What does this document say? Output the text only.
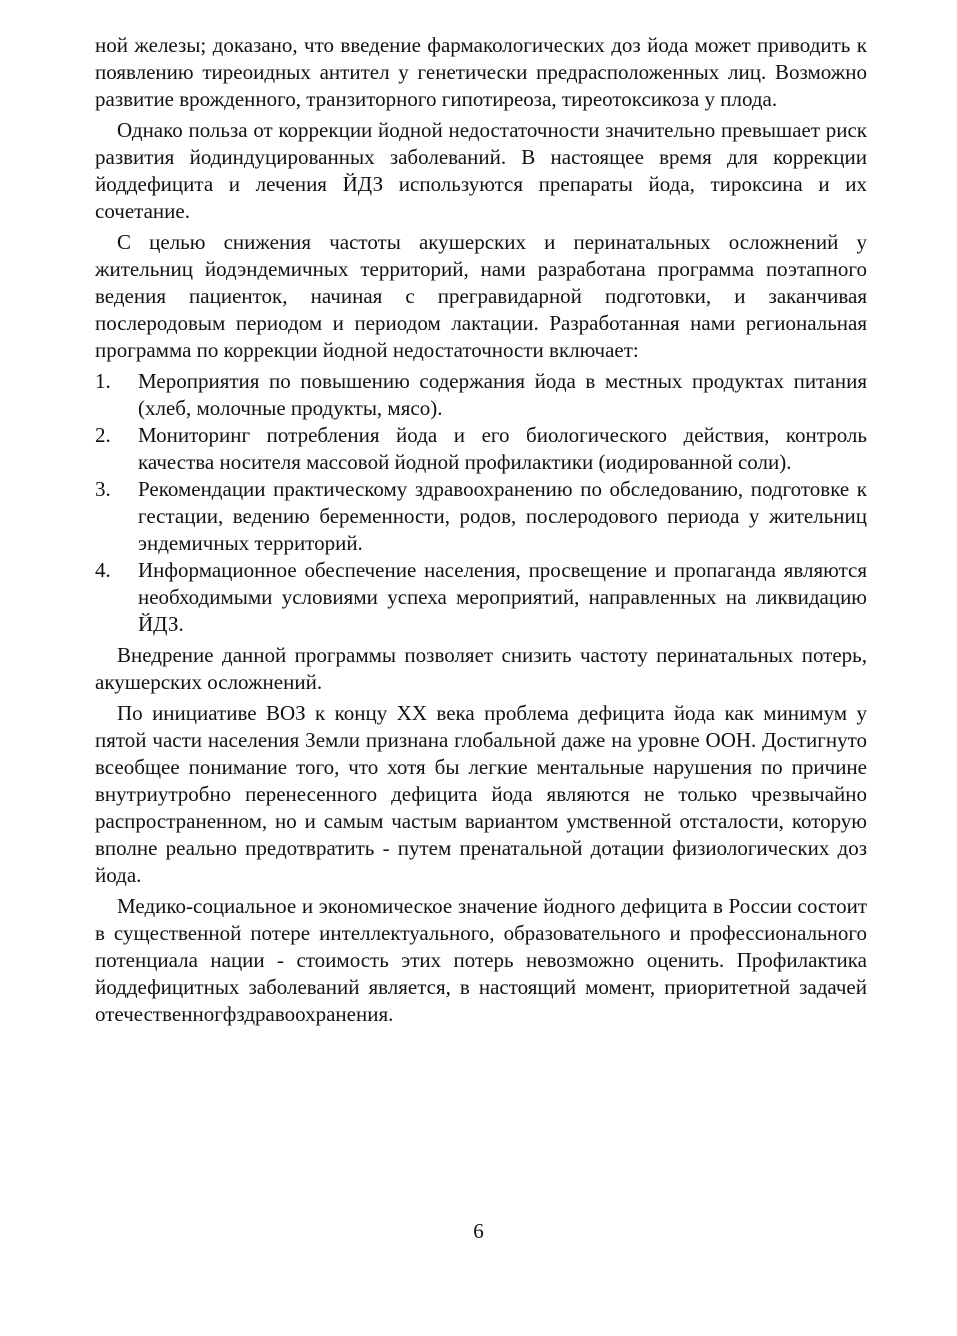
ной железы; доказано, что введение фармакологических доз йода может приводить к появлению тиреоидных антител у генетически предрасположенных лиц. Возможно развитие врожденного, транзиторного гипотиреоза, тиреотоксикоза у плода.

Однако польза от коррекции йодной недостаточности значительно превышает риск развития йодиндуцированных заболеваний. В настоящее время для коррекции йоддефицита и лечения ЙДЗ используются препараты йода, тироксина и их сочетание.

С целью снижения частоты акушерских и перинатальных осложнений у жительниц йодэндемичных территорий, нами разработана программа поэтапного ведения пациенток, начиная с прегравидарной подготовки, и заканчивая послеродовым периодом и периодом лактации. Разработанная нами региональная программа по коррекции йодной недостаточности включает:

1. Мероприятия по повышению содержания йода в местных продуктах питания (хлеб, молочные продукты, мясо).
2. Мониторинг потребления йода и его биологического действия, контроль качества носителя массовой йодной профилактики (иодированной соли).
3. Рекомендации практическому здравоохранению по обследованию, подготовке к гестации, ведению беременности, родов, послеродового периода у жительниц эндемичных территорий.
4. Информационное обеспечение населения, просвещение и пропаганда являются необходимыми условиями успеха мероприятий, направленных на ликвидацию ЙДЗ.

Внедрение данной программы позволяет снизить частоту перинатальных потерь, акушерских осложнений.

По инициативе ВОЗ к концу XX века проблема дефицита йода как минимум у пятой части населения Земли признана глобальной даже на уровне ООН. Достигнуто всеобщее понимание того, что хотя бы легкие ментальные нарушения по причине внутриутробно перенесенного дефицита йода являются не только чрезвычайно распространенном, но и самым частым вариантом умственной отсталости, которую вполне реально предотвратить - путем пренатальной дотации физиологических доз йода.

Медико-социальное и экономическое значение йодного дефицита в России состоит в существенной потере интеллектуального, образовательного и профессионального потенциала нации - стоимость этих потерь невозможно оценить. Профилактика йоддефицитных заболеваний является, в настоящий момент, приоритетной задачей отечественногфздравоохранения.

6
